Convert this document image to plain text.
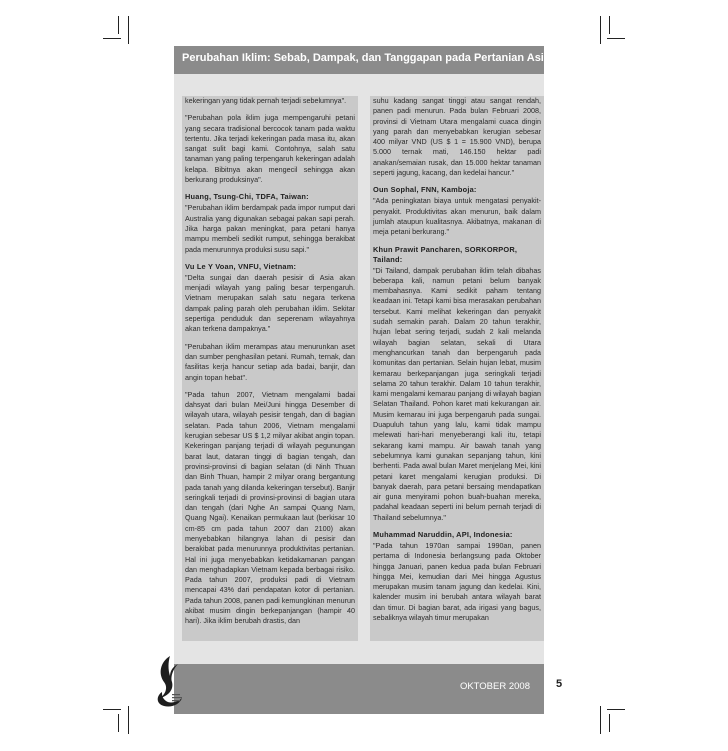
Perubahan Iklim: Sebab, Dampak, dan Tanggapan pada Pertanian Asia

kekeringan yang tidak pernah terjadi sebelumnya".

"Perubahan pola iklim juga mempengaruhi petani yang secara tradisional bercocok tanam pada waktu tertentu. Jika terjadi kekeringan pada masa itu, akan sangat sulit bagi kami. Contohnya, salah satu tanaman yang paling terpengaruh kekeringan adalah kelapa. Bibitnya akan mengecil sehingga akan berkurang produksinya".

Huang, Tsung-Chi, TDFA, Taiwan:

"Perubahan iklim berdampak pada impor rumput dari Australia yang digunakan sebagai pakan sapi perah. Jika harga pakan meningkat, para petani hanya mampu membeli sedikit rumput, sehingga berakibat pada menurunnya produksi susu sapi."

Vu Le Y Voan, VNFU, Vietnam:

"Delta sungai dan daerah pesisir di Asia akan menjadi wilayah yang paling besar terpengaruh. Vietnam merupakan salah satu negara terkena dampak paling parah oleh perubahan iklim. Sekitar sepertiga penduduk dan seperenam wilayahnya akan terkena dampaknya."

"Perubahan iklim merampas atau menurunkan aset dan sumber penghasilan petani. Rumah, ternak, dan fasilitas kerja hancur setiap ada badai, banjir, dan angin topan hebat".

"Pada tahun 2007, Vietnam mengalami badai dahsyat dari bulan Mei/Juni hingga Desember di wilayah utara, wilayah pesisir tengah, dan di bagian selatan. Pada tahun 2006, Vietnam mengalami kerugian sebesar US $ 1,2 milyar akibat angin topan. Kekeringan panjang terjadi di wilayah pegunungan barat laut, dataran tinggi di bagian tengah, dan provinsi-provinsi di bagian selatan (di Ninh Thuan dan Binh Thuan, hampir 2 milyar orang bergantung pada tanah yang dilanda kekeringan tersebut). Banjir seringkali terjadi di provinsi-provinsi di bagian utara dan tengah (dari Nghe An sampai Quang Nam, Quang Ngai). Kenaikan permukaan laut (berkisar 10 cm-85 cm pada tahun 2007 dan 2100) akan menyebabkan hilangnya lahan di pesisir dan berakibat pada menurunnya produktivitas pertanian. Hal ini juga menyebabkan ketidakamanan pangan dan menghadapkan Vietnam kepada berbagai risiko. Pada tahun 2007, produksi padi di Vietnam mencapai 43% dari pendapatan kotor di pertanian. Pada tahun 2008, panen padi kemungkinan menurun akibat musim dingin berkepanjangan (hampir 40 hari). Jika iklim berubah drastis, dan

suhu kadang sangat tinggi atau sangat rendah, panen padi menurun. Pada bulan Februari 2008, provinsi di Vietnam Utara mengalami cuaca dingin yang parah dan menyebabkan kerugian sebesar 400 milyar VND (US $ 1 = 15.900 VND), berupa 5.000 ternak mati, 146.150 hektar padi anakan/semaian rusak, dan 15.000 hektar tanaman seperti jagung, kacang, dan kedelai hancur."

Oun Sophal, FNN, Kamboja:

"Ada peningkatan biaya untuk mengatasi penyakit-penyakit. Produktivitas akan menurun, baik dalam jumlah ataupun kualitasnya. Akibatnya, makanan di meja petani berkurang."

Khun Prawit Pancharen, SORKORPOR, Tailand:

"Di Tailand, dampak perubahan iklim telah dibahas beberapa kali, namun petani belum banyak membahasnya. Kami sedikit paham tentang keadaan ini. Tetapi kami bisa merasakan perubahan tersebut. Kami melihat kekeringan dan penyakit sudah semakin parah. Dalam 20 tahun terakhir, hujan lebat sering terjadi, sudah 2 kali melanda wilayah bagian selatan, sekali di Utara menghancurkan tanah dan berpengaruh pada komunitas dan pertanian. Selain hujan lebat, musim kemarau berkepanjangan juga seringkali terjadi selama 20 tahun terakhir. Dalam 10 tahun terakhir, kami mengalami kemarau panjang di wilayah bagian Selatan Thailand. Pohon karet mati kekurangan air. Musim kemarau ini juga berpengaruh pada sungai. Duapuluh tahun yang lalu, kami tidak mampu melewati hari-hari menyeberangi kali itu, tetapi sekarang kami mampu. Air bawah tanah yang sebelumnya kami gunakan sepanjang tahun, kini berhenti. Pada awal bulan Maret menjelang Mei, kini petani karet mengalami kerugian produksi. Di banyak daerah, para petani bersaing mendapatkan air guna menyirami pohon buah-buahan mereka, padahal keadaan seperti ini belum pernah terjadi di Thailand sebelumnya."

Muhammad Naruddin, API, Indonesia:

"Pada tahun 1970an sampai 1990an, panen pertama di Indonesia berlangsung pada Oktober hingga Januari, panen kedua pada bulan Februari hingga Mei, kemudian dari Mei hingga Agustus merupakan musim tanam jagung dan kedelai. Kini, kalender musim ini berubah antara wilayah barat dan timur. Di bagian barat, ada irigasi yang bagus, sebaliknya wilayah timur merupakan

OKTOBER 2008 5
